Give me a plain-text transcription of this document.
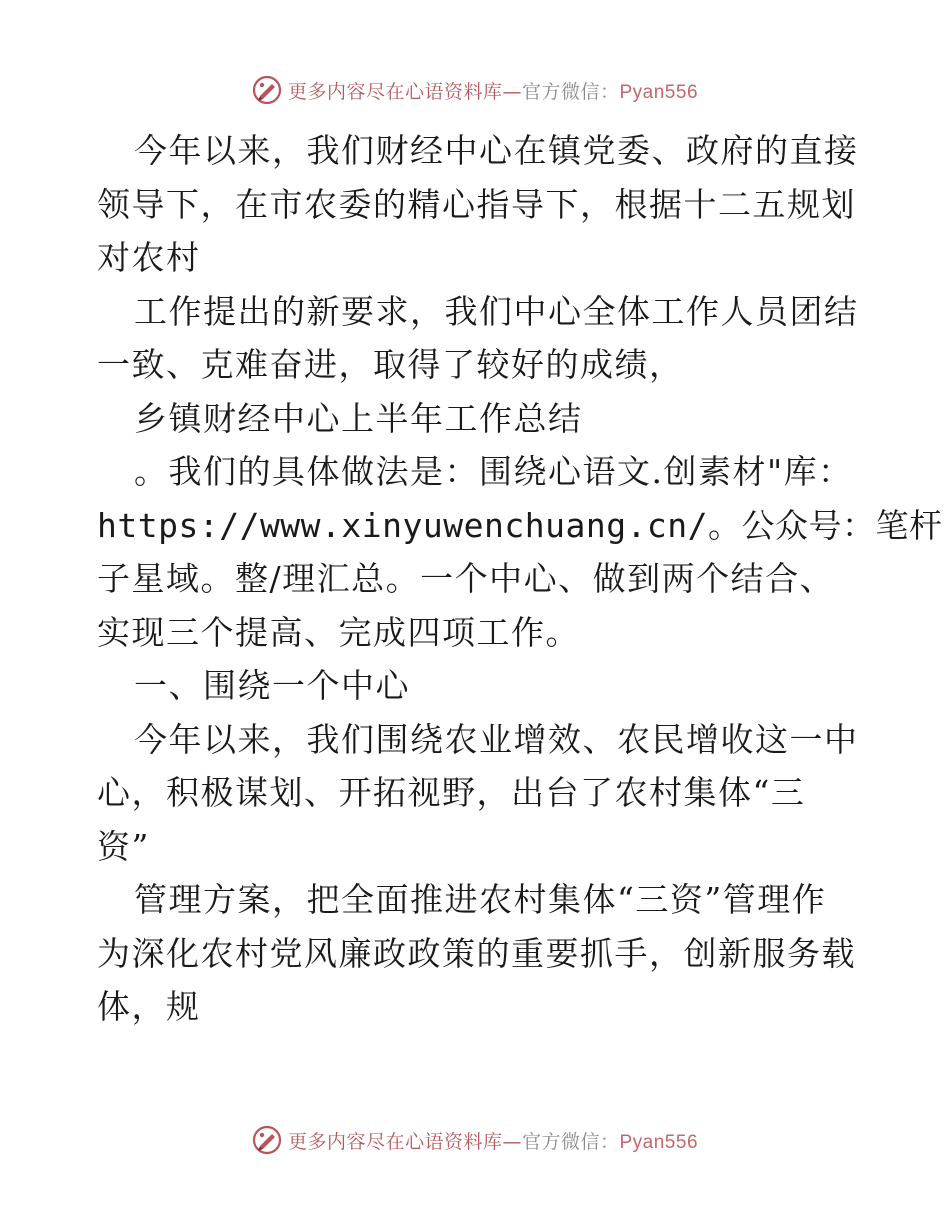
更多内容尽在心语资料库—官方微信：Pyan556
今年以来，我们财经中心在镇党委、政府的直接
领导下，在市农委的精心指导下，根据十二五规划
对农村
工作提出的新要求，我们中心全体工作人员团结
一致、克难奋进，取得了较好的成绩，
乡镇财经中心上半年工作总结
。我们的具体做法是：围绕心语文.创素材"库：
https://www.xinyuwenchuang.cn/。公众号：笔杆
子星域。整/理汇总。一个中心、做到两个结合、
实现三个提高、完成四项工作。
一、围绕一个中心
今年以来，我们围绕农业增效、农民增收这一中
心，积极谋划、开拓视野，出台了农村集体“三
资”
管理方案，把全面推进农村集体“三资”管理作
为深化农村党风廉政政策的重要抓手，创新服务载
体，规
更多内容尽在心语资料库—官方微信：Pyan556
